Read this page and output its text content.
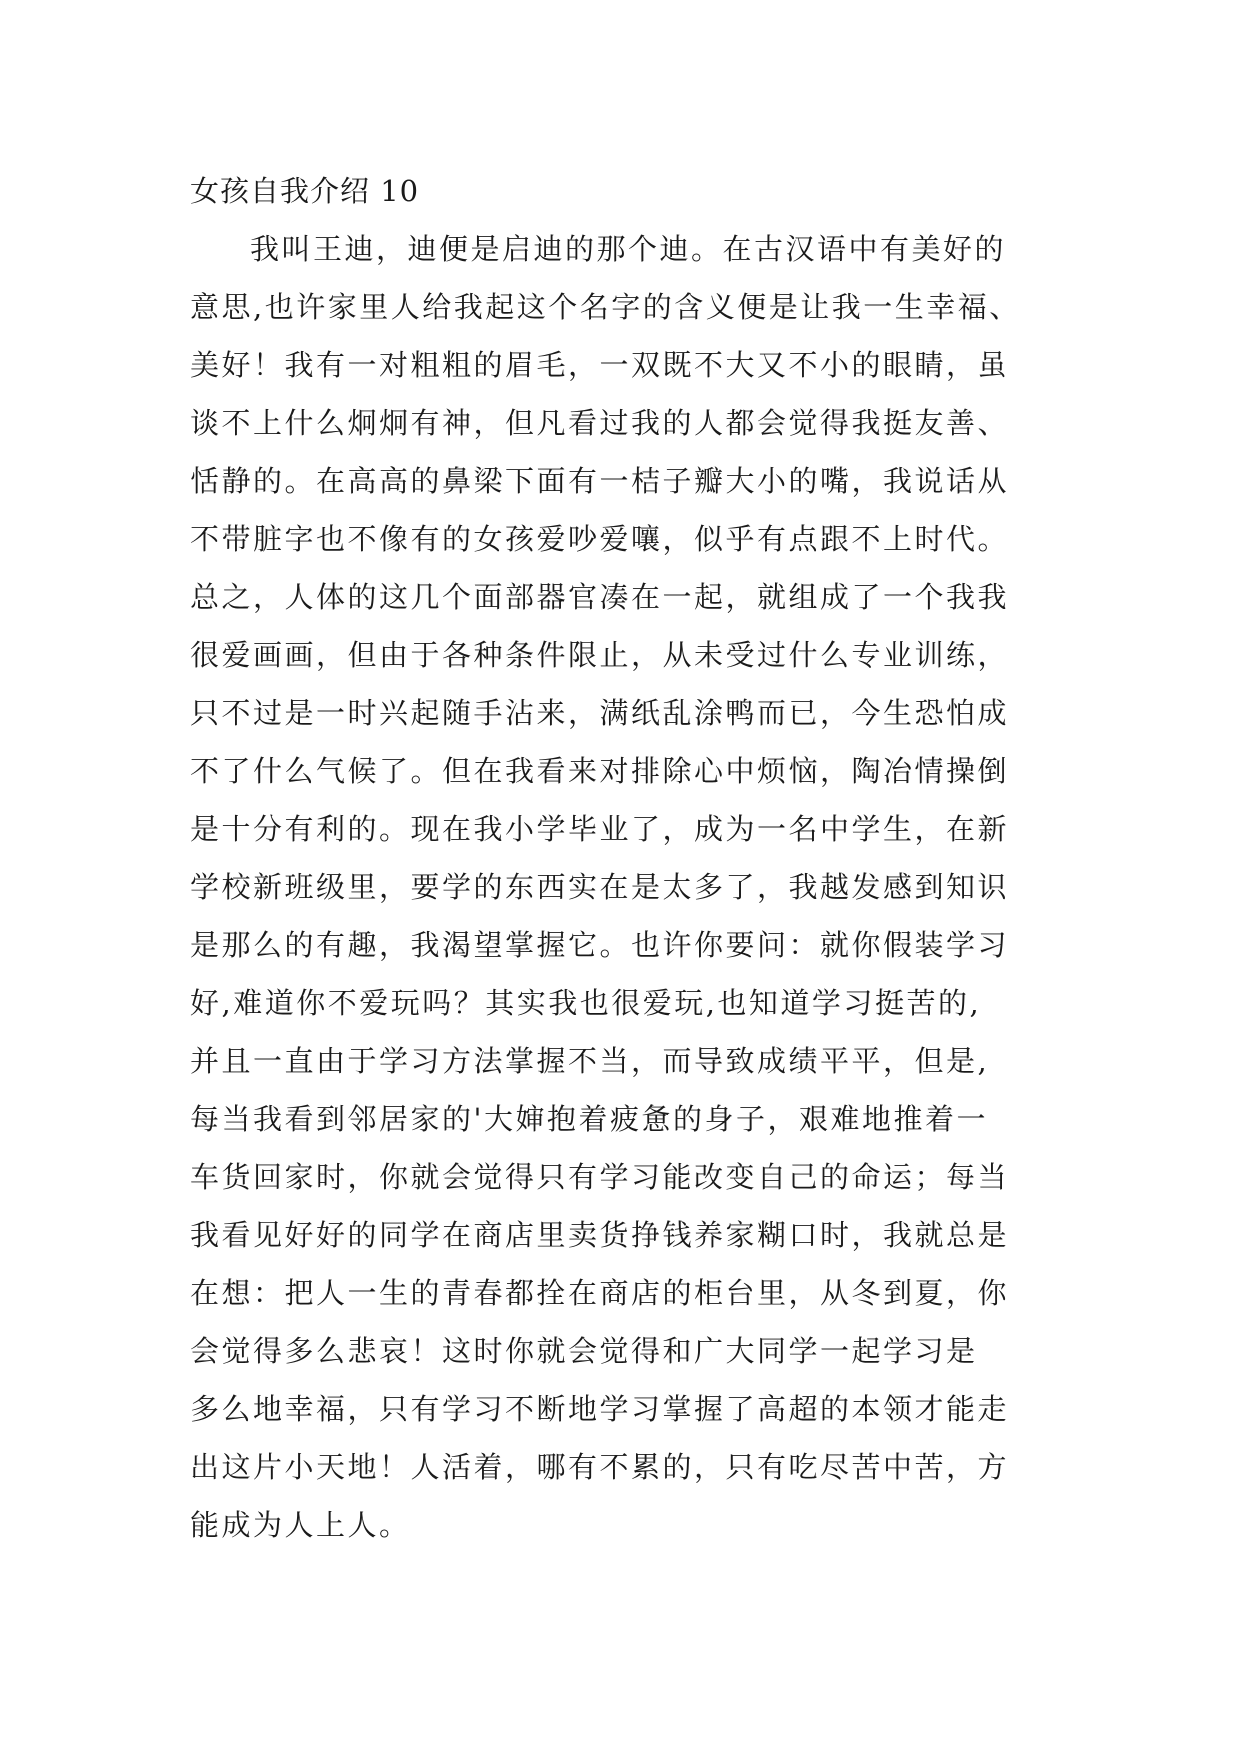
女孩自我介绍 10
我叫王迪，迪便是启迪的那个迪。在古汉语中有美好的
意思,也许家里人给我起这个名字的含义便是让我一生幸福、
美好！我有一对粗粗的眉毛，一双既不大又不小的眼睛，虽
谈不上什么炯炯有神，但凡看过我的人都会觉得我挺友善、
恬静的。在高高的鼻梁下面有一桔子瓣大小的嘴，我说话从
不带脏字也不像有的女孩爱吵爱嚷，似乎有点跟不上时代。
总之，人体的这几个面部器官凑在一起，就组成了一个我我
很爱画画，但由于各种条件限止，从未受过什么专业训练，
只不过是一时兴起随手沾来，满纸乱涂鸭而已，今生恐怕成
不了什么气候了。但在我看来对排除心中烦恼，陶冶情操倒
是十分有利的。现在我小学毕业了，成为一名中学生，在新
学校新班级里，要学的东西实在是太多了，我越发感到知识
是那么的有趣，我渴望掌握它。也许你要问：就你假装学习
好,难道你不爱玩吗？其实我也很爱玩,也知道学习挺苦的,
并且一直由于学习方法掌握不当，而导致成绩平平，但是,
每当我看到邻居家的'大婶抱着疲惫的身子，艰难地推着一
车货回家时，你就会觉得只有学习能改变自己的命运；每当
我看见好好的同学在商店里卖货挣钱养家糊口时，我就总是
在想：把人一生的青春都拴在商店的柜台里，从冬到夏，你
会觉得多么悲哀！这时你就会觉得和广大同学一起学习是
多么地幸福，只有学习不断地学习掌握了高超的本领才能走
出这片小天地！人活着，哪有不累的，只有吃尽苦中苦，方
能成为人上人。
